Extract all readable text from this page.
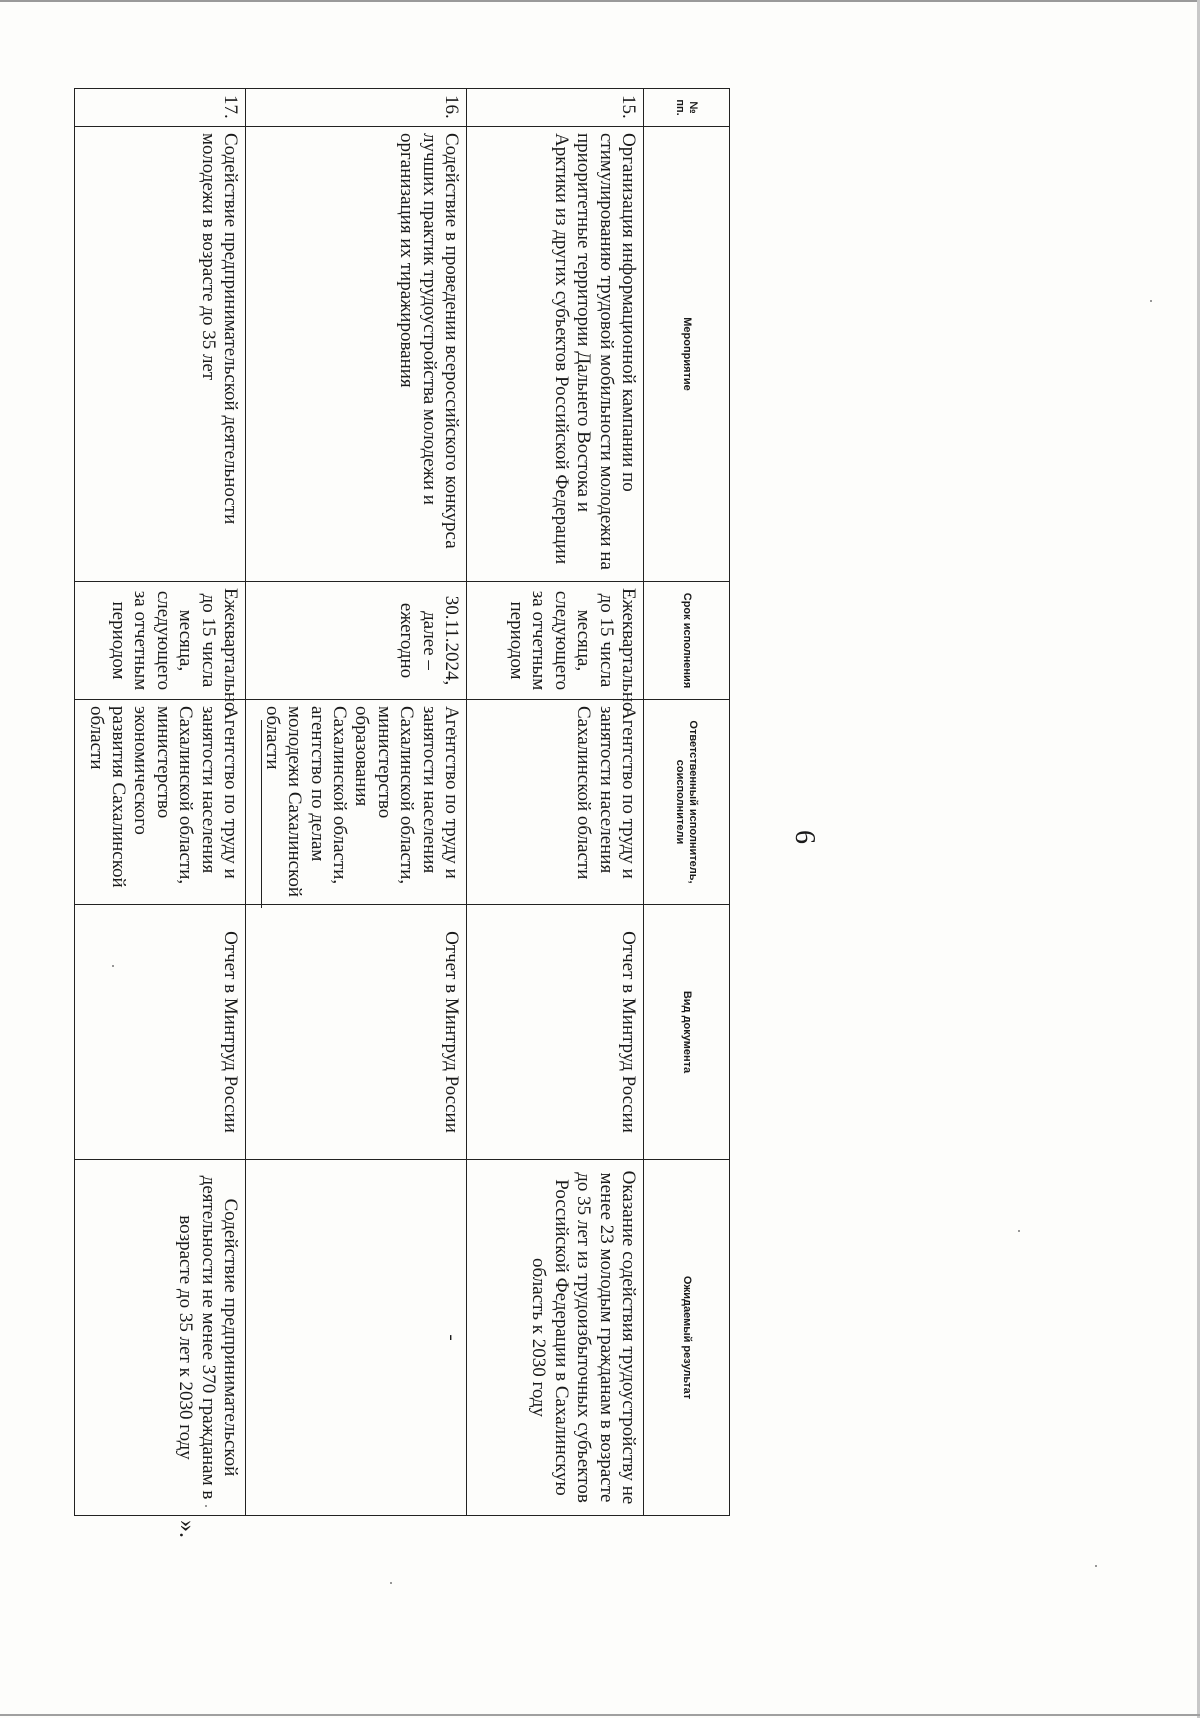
6
№ пп.	Мероприятие	Срок исполнения	Ответственный исполнитель, соисполнители	Вид документа	Ожидаемый результат
15.	Организация информационной кампании по стимулированию трудовой мобильности молодежи на приоритетные территории Дальнего Востока и Арктики из других субъектов Российской Федерации	Ежеквартально до 15 числа месяца, следующего за отчетным периодом	Агентство по труду и занятости населения Сахалинской области	Отчет в Минтруд России	Оказание содействия трудоустройству не менее 23 молодым гражданам в возрасте до 35 лет из трудоизбыточных субъектов Российской Федерации в Сахалинскую область к 2030 году
16.	Содействие в проведении всероссийского конкурса лучших практик трудоустройства молодежи и организация их тиражирования	30.11.2024, далее – ежегодно	Агентство по труду и занятости населения Сахалинской области, министерство образования Сахалинской области, агентство по делам молодежи Сахалинской области	Отчет в Минтруд России	-
17.	Содействие предпринимательской деятельности молодежи в возрасте до 35 лет	Ежеквартально до 15 числа месяца, следующего за отчетным периодом	Агентство по труду и занятости населения Сахалинской области, министерство экономического развития Сахалинской области	Отчет в Минтруд России	Содействие предпринимательской деятельности не менее 370 гражданам в возрасте до 35 лет к 2030 году
».
